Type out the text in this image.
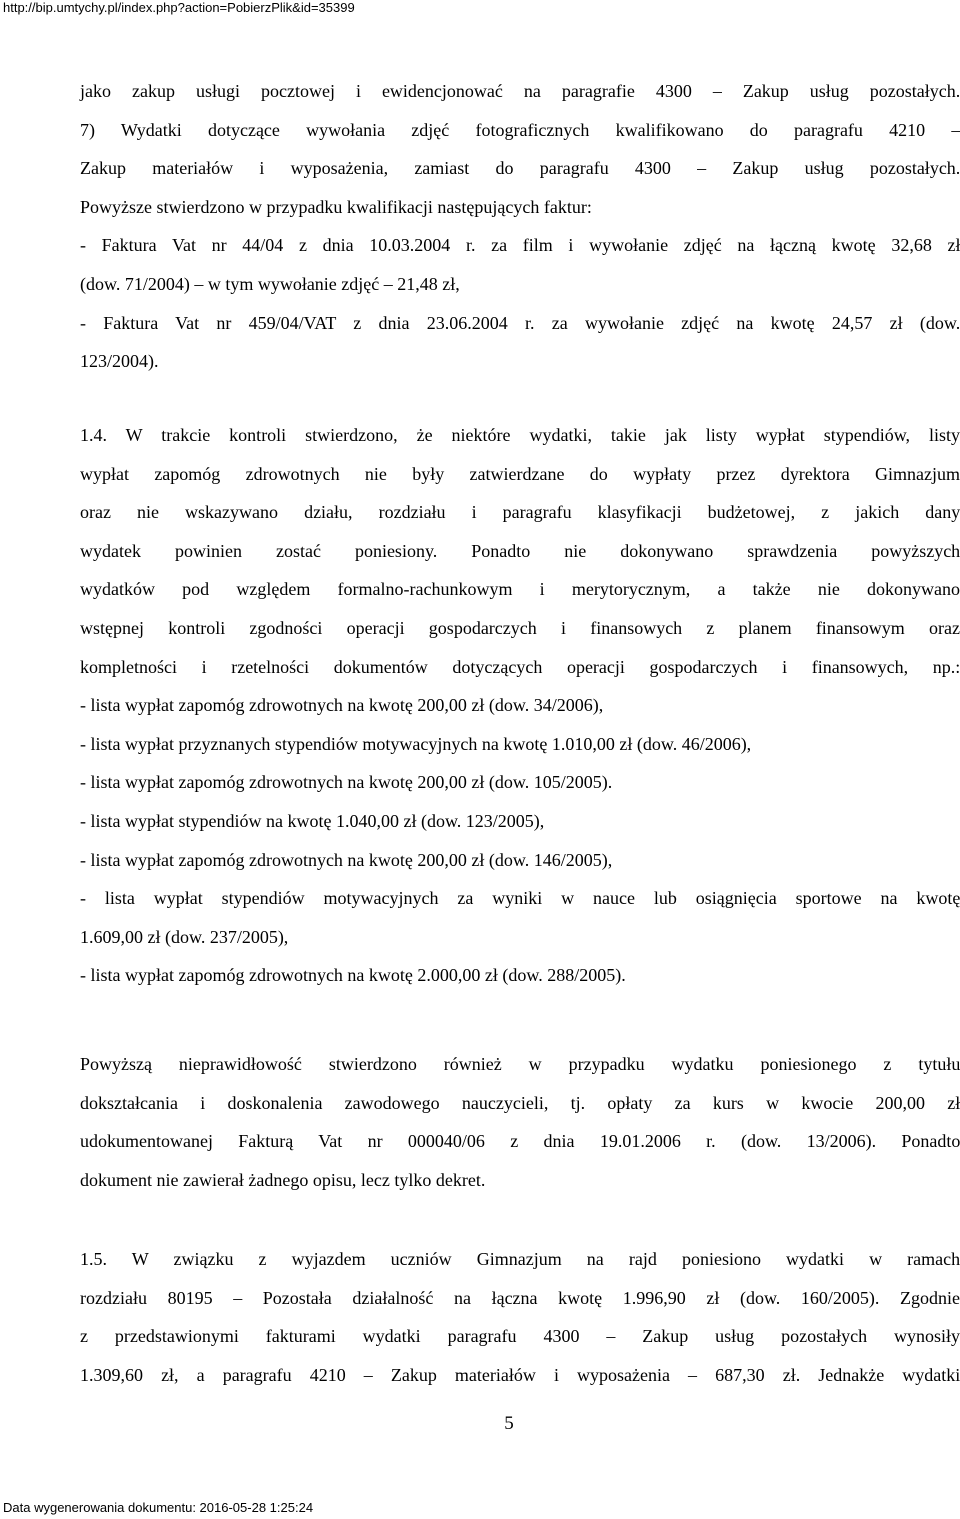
http://bip.umtychy.pl/index.php?action=PobierzPlik&id=35399
jako zakup usługi pocztowej i ewidencjonować na paragrafie 4300 – Zakup usług pozostałych.
7) Wydatki dotyczące wywołania zdjęć fotograficznych kwalifikowano do paragrafu 4210 –
Zakup materiałów i wyposażenia, zamiast do paragrafu 4300 – Zakup usług pozostałych.
Powyższe stwierdzono w przypadku kwalifikacji następujących faktur:
- Faktura Vat nr 44/04 z dnia 10.03.2004 r. za film i wywołanie zdjęć na łączną kwotę 32,68 zł
(dow. 71/2004) – w tym wywołanie zdjęć – 21,48 zł,
- Faktura Vat nr 459/04/VAT z dnia 23.06.2004 r. za wywołanie zdjęć na kwotę 24,57 zł (dow.
123/2004).
1.4. W trakcie kontroli stwierdzono, że niektóre wydatki, takie jak listy wypłat stypendiów, listy
wypłat zapomóg zdrowotnych nie były zatwierdzane do wypłaty przez dyrektora Gimnazjum
oraz nie wskazywano działu, rozdziału i paragrafu klasyfikacji budżetowej, z jakich dany
wydatek powinien zostać poniesiony. Ponadto nie dokonywano sprawdzenia powyższych
wydatków pod względem formalno-rachunkowym i merytorycznym, a także nie dokonywano
wstępnej kontroli zgodności operacji gospodarczych i finansowych z planem finansowym oraz
kompletności i rzetelności dokumentów dotyczących operacji gospodarczych i finansowych, np.:
- lista wypłat zapomóg zdrowotnych na kwotę 200,00 zł (dow. 34/2006),
- lista wypłat przyznanych stypendiów motywacyjnych na kwotę 1.010,00 zł (dow. 46/2006),
- lista wypłat zapomóg zdrowotnych na kwotę 200,00 zł (dow. 105/2005).
- lista wypłat stypendiów na kwotę 1.040,00 zł (dow. 123/2005),
- lista wypłat zapomóg zdrowotnych na kwotę 200,00 zł (dow. 146/2005),
- lista wypłat stypendiów motywacyjnych za wyniki w nauce lub osiągnięcia sportowe na kwotę
1.609,00 zł (dow. 237/2005),
- lista wypłat zapomóg zdrowotnych na kwotę 2.000,00 zł (dow. 288/2005).
Powyższą nieprawidłowość stwierdzono również w przypadku wydatku poniesionego z tytułu
dokształcania i doskonalenia zawodowego nauczycieli, tj. opłaty za kurs w kwocie 200,00 zł
udokumentowanej Fakturą Vat nr 000040/06 z dnia 19.01.2006 r. (dow. 13/2006). Ponadto
dokument nie zawierał żadnego opisu, lecz tylko dekret.
1.5. W związku z wyjazdem uczniów Gimnazjum na rajd poniesiono wydatki w ramach
rozdziału 80195 – Pozostała działalność na łączna kwotę 1.996,90 zł (dow. 160/2005). Zgodnie
z przedstawionymi fakturami wydatki paragrafu 4300 – Zakup usług pozostałych wynosiły
1.309,60 zł, a paragrafu 4210 – Zakup materiałów i wyposażenia – 687,30 zł. Jednakże wydatki
5
Data wygenerowania dokumentu: 2016-05-28 1:25:24
